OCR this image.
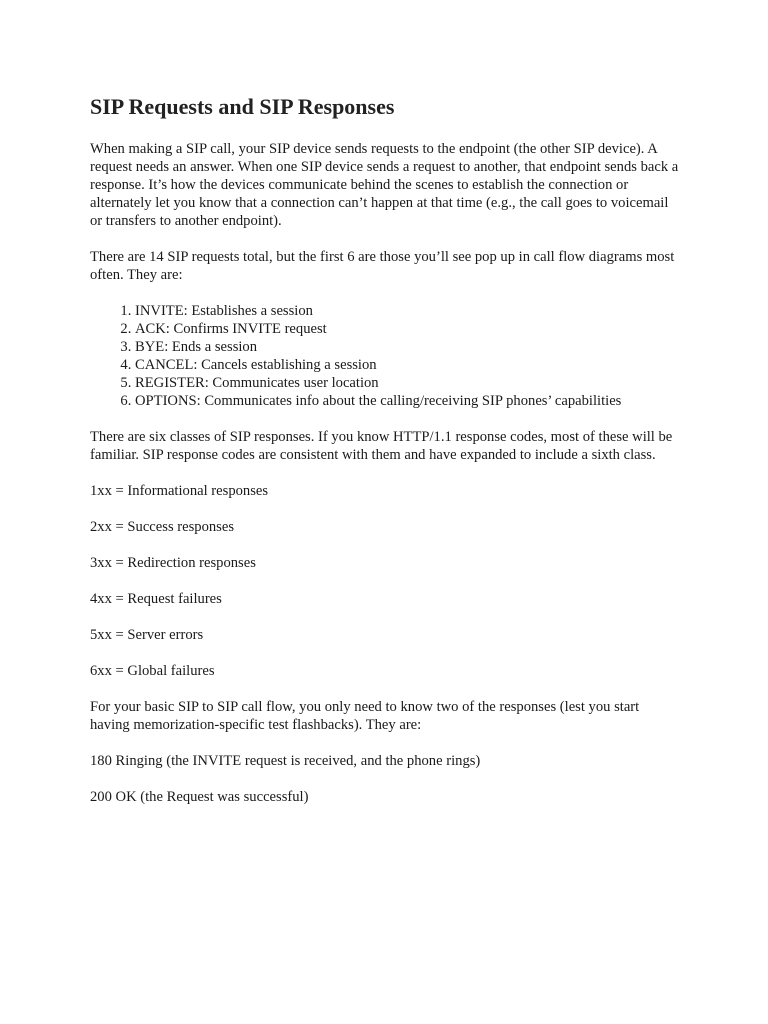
SIP Requests and SIP Responses

When making a SIP call, your SIP device sends requests to the endpoint (the other SIP device). A request needs an answer. When one SIP device sends a request to another, that endpoint sends back a response. It’s how the devices communicate behind the scenes to establish the connection or alternately let you know that a connection can’t happen at that time (e.g., the call goes to voicemail or transfers to another endpoint).

There are 14 SIP requests total, but the first 6 are those you’ll see pop up in call flow diagrams most often. They are:

1. INVITE: Establishes a session
2. ACK: Confirms INVITE request
3. BYE: Ends a session
4. CANCEL: Cancels establishing a session
5. REGISTER: Communicates user location
6. OPTIONS: Communicates info about the calling/receiving SIP phones’ capabilities

There are six classes of SIP responses. If you know HTTP/1.1 response codes, most of these will be familiar. SIP response codes are consistent with them and have expanded to include a sixth class.

1xx = Informational responses

2xx = Success responses

3xx = Redirection responses

4xx = Request failures

5xx = Server errors

6xx = Global failures

For your basic SIP to SIP call flow, you only need to know two of the responses (lest you start having memorization-specific test flashbacks). They are:

180 Ringing (the INVITE request is received, and the phone rings)

200 OK (the Request was successful)
